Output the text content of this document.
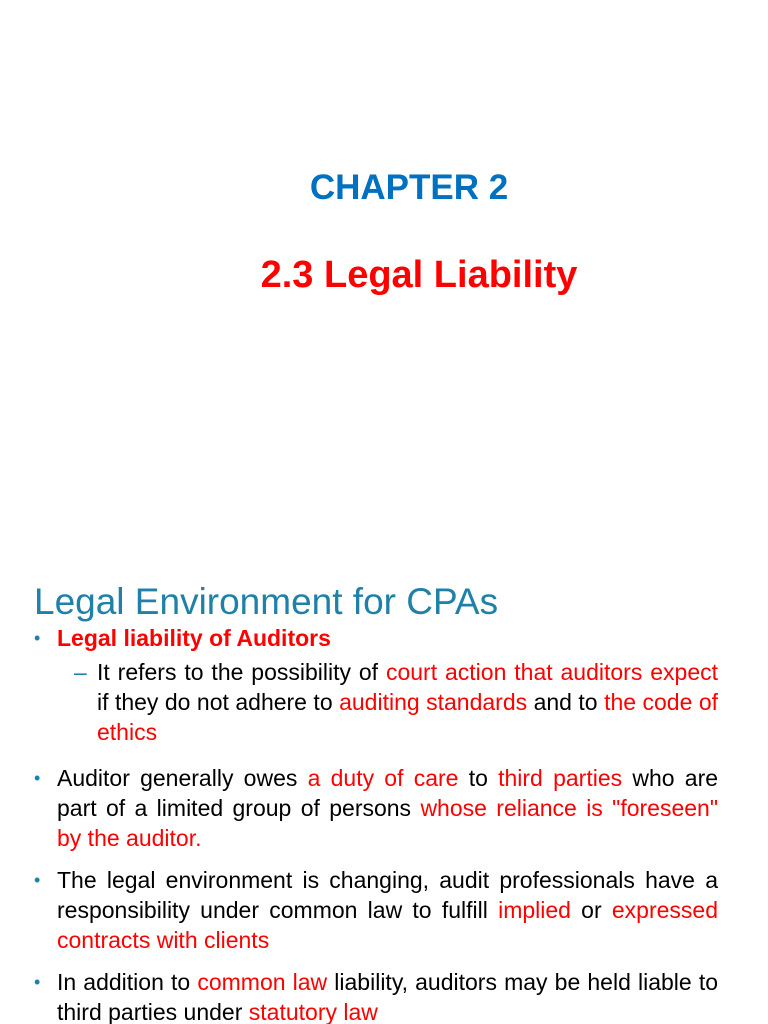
CHAPTER 2
2.3 Legal Liability
Legal Environment for CPAs
• Legal liability of Auditors
– It refers to the possibility of court action that auditors expect if they do not adhere to auditing standards and to the code of ethics
• Auditor generally owes a duty of care to third parties who are part of a limited group of persons whose reliance is "foreseen" by the auditor.
• The legal environment is changing, audit professionals have a responsibility under common law to fulfill implied or expressed contracts with clients
• In addition to common law liability, auditors may be held liable to third parties under statutory law
